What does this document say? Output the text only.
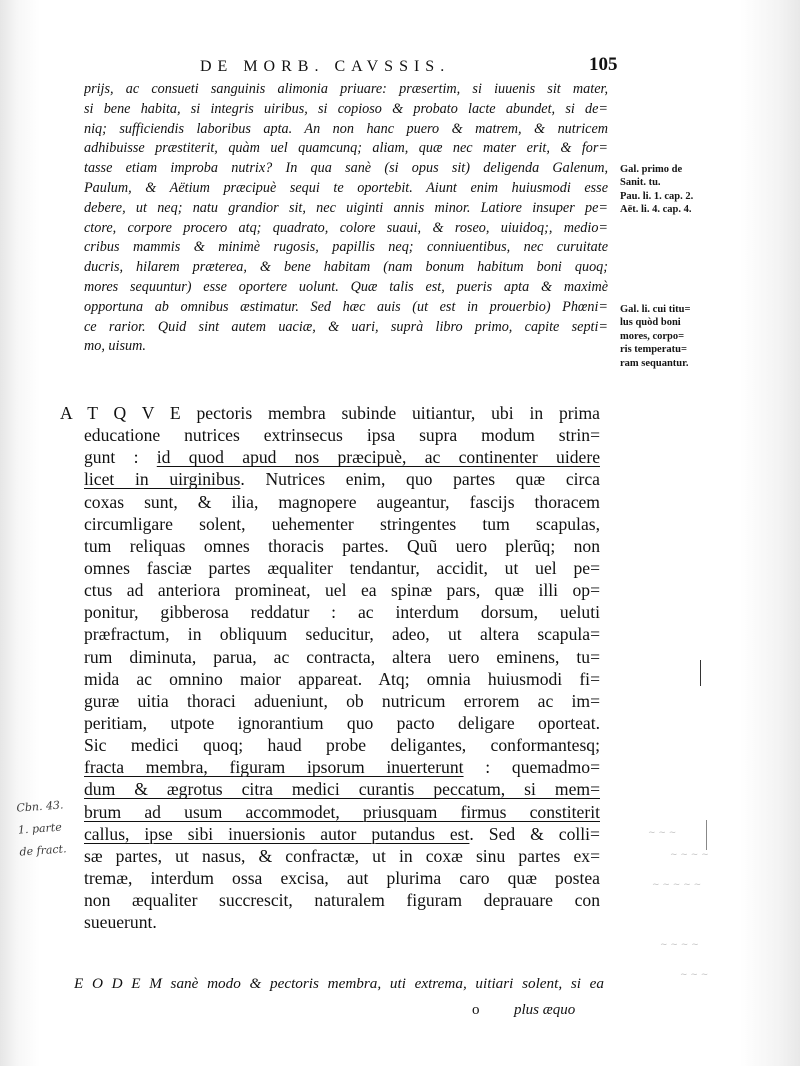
DE MORB. CAVSSIS.	105
prijs, ac consueti sanguinis alimonia priuare: præsertim, si iuuenis sit mater,
si bene habita, si integris uiribus, si copioso & probato lacte abundet, si de=
niq; sufficiendis laboribus apta. An non hanc puero & matrem, & nutricem
adhibuisse præstiterit, quàm uel quamcunq; aliam, quæ nec mater erit, & for=
tasse etiam improba nutrix? In qua sanè (si opus sit) deligenda Galenum,
Paulum, & Aëtium præcipuè sequi te oportebit. Aiunt enim huiusmodi esse
debere, ut neq; natu grandior sit, nec uiginti annis minor. Latiore insuper pe=
ctore, corpore procero atq; quadrato, colore suaui, & roseo, uiuidoq;, medio=
cribus mammis & minimè rugosis, papillis neq; conniuentibus, nec curuitate
ducris, hilarem præterea, & bene habitam (nam bonum habitum boni quoq;
mores sequuntur) esse oportere uolunt. Quæ talis est, pueris apta & maximè
opportuna ab omnibus æstimatur. Sed hæc auis (ut est in prouerbio) Phœni=
ce rarior. Quid sint autem uaciæ, & uari, suprà libro primo, capite septi=
mo, uisum.
A T Q V E pectoris membra subinde uitiantur, ubi in prima
educatione nutrices extrinsecus ipsa supra modum strin=
gunt : id quod apud nos præcipuè, ac continenter uidere
licet in uirginibus. Nutrices enim, quo partes quæ circa
coxas sunt, & ilia, magnopere augeantur, fascijs thoracem
circumligare solent, uehementer stringentes tum scapulas,
tum reliquas omnes thoracis partes. Quũ uero plerũq; non
omnes fasciæ partes æqualiter tendantur, accidit, ut uel pe=
ctus ad anteriora promineat, uel ea spinæ pars, quæ illi op=
ponitur, gibberosa reddatur : ac interdum dorsum, ueluti
præfractum, in obliquum seducitur, adeo, ut altera scapula=
rum diminuta, parua, ac contracta, altera uero eminens, tu=
mida ac omnino maior appareat. Atq; omnia huiusmodi fi=
guræ uitia thoraci adueniunt, ob nutricum errorem ac im=
peritiam, utpote ignorantium quo pacto deligare oporteat.
Sic medici quoq; haud probe deligantes, conformantesq;
fracta membra, figuram ipsorum inuerterunt : quemadmo=
dum & ægrotus citra medici curantis peccatum, si mem=
brum ad usum accommodet, priusquam firmus constiterit
callus, ipse sibi inuersionis autor putandus est. Sed & colli=
sæ partes, ut nasus, & confractæ, ut in coxæ sinu partes ex=
tremæ, interdum ossa excisa, aut plurima caro quæ postea
non æqualiter succrescit, naturalem figuram deprauare con
sueuerunt.
E O D E M sanè modo & pectoris membra, uti extrema, uitiari solent, si ea
o plus æquo
Gal. primo de
Sanit. tu.
Pau. li. 1. cap. 2.
Aët. li. 4. cap. 4.
Gal. li. cui titu=
lus quòd boni
mores, corpo=
ris temperatu=
ram sequantur.
Cbn. 43.
1. parte
de fract.
~ ~ ~
~ ~ ~ ~
~ ~ ~ ~ ~
~ ~ ~ ~
~ ~ ~
